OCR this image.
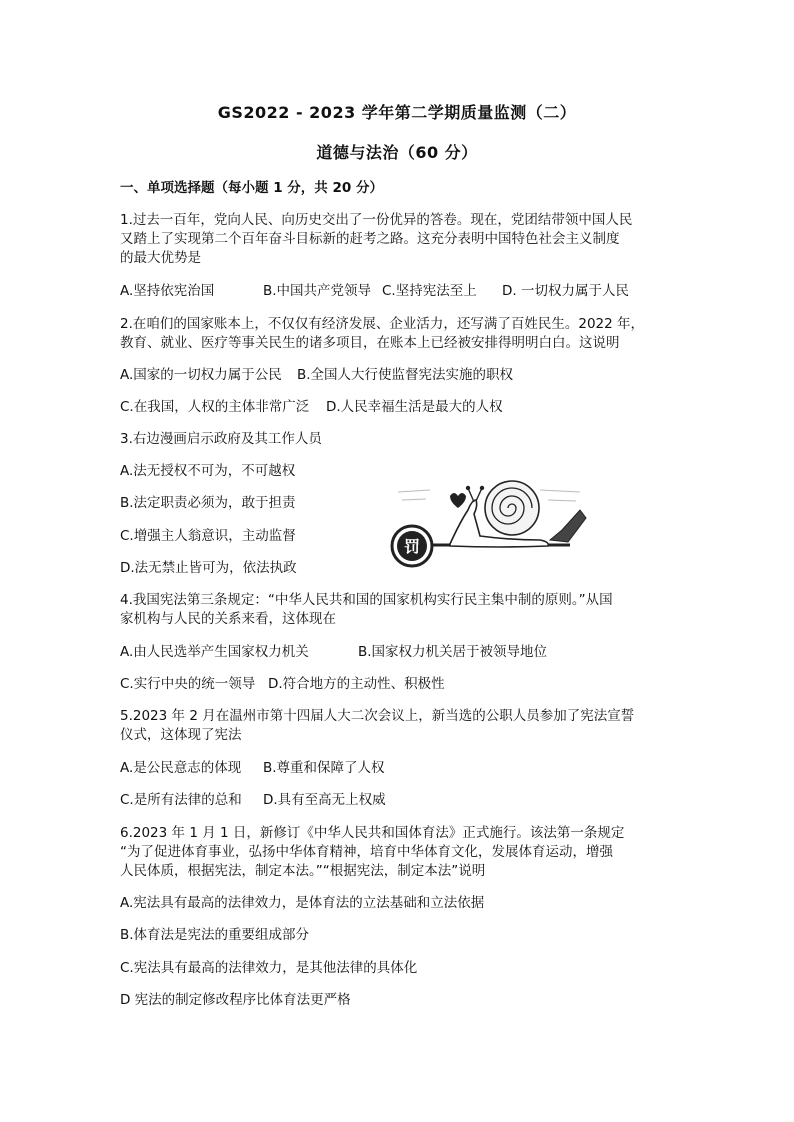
GS2022 - 2023 学年第二学期质量监测（二）
道德与法治（60 分）
一、单项选择题（每小题 1 分，共 20 分）
1.过去一百年，党向人民、向历史交出了一份优异的答卷。现在，党团结带领中国人民
又踏上了实现第二个百年奋斗目标新的赶考之路。这充分表明中国特色社会主义制度
的最大优势是
A.坚持依宪治国	B.中国共产党领导 C.坚持宪法至上 D. 一切权力属于人民
2.在咱们的国家账本上，不仅仅有经济发展、企业活力，还写满了百姓民生。2022 年，
教育、就业、医疗等事关民生的诸多项目，在账本上已经被安排得明明白白。这说明
A.国家的一切权力属于公民 B.全国人大行使监督宪法实施的职权
C.在我国，人权的主体非常广泛 D.人民幸福生活是最大的人权
3.右边漫画启示政府及其工作人员
A.法无授权不可为，不可越权
B.法定职责必须为，敢于担责
C.增强主人翁意识，主动监督
D.法无禁止皆可为，依法执政
罚
4.我国宪法第三条规定：“中华人民共和国的国家机构实行民主集中制的原则。”从国
家机构与人民的关系来看，这体现在
A.由人民选举产生国家权力机关	B.国家权力机关居于被领导地位
C.实行中央的统一领导 D.符合地方的主动性、积极性
5.2023 年 2 月在温州市第十四届人大二次会议上，新当选的公职人员参加了宪法宣誓
仪式，这体现了宪法
A.是公民意志的体现 B.尊重和保障了人权
C.是所有法律的总和 D.具有至高无上权威
6.2023 年 1 月 1 日，新修订《中华人民共和国体育法》正式施行。该法第一条规定
“为了促进体育事业，弘扬中华体育精神，培育中华体育文化，发展体育运动，增强
人民体质，根据宪法，制定本法。”“根据宪法，制定本法”说明
A.宪法具有最高的法律效力，是体育法的立法基础和立法依据
B.体育法是宪法的重要组成部分
C.宪法具有最高的法律效力，是其他法律的具体化
D 宪法的制定修改程序比体育法更严格
